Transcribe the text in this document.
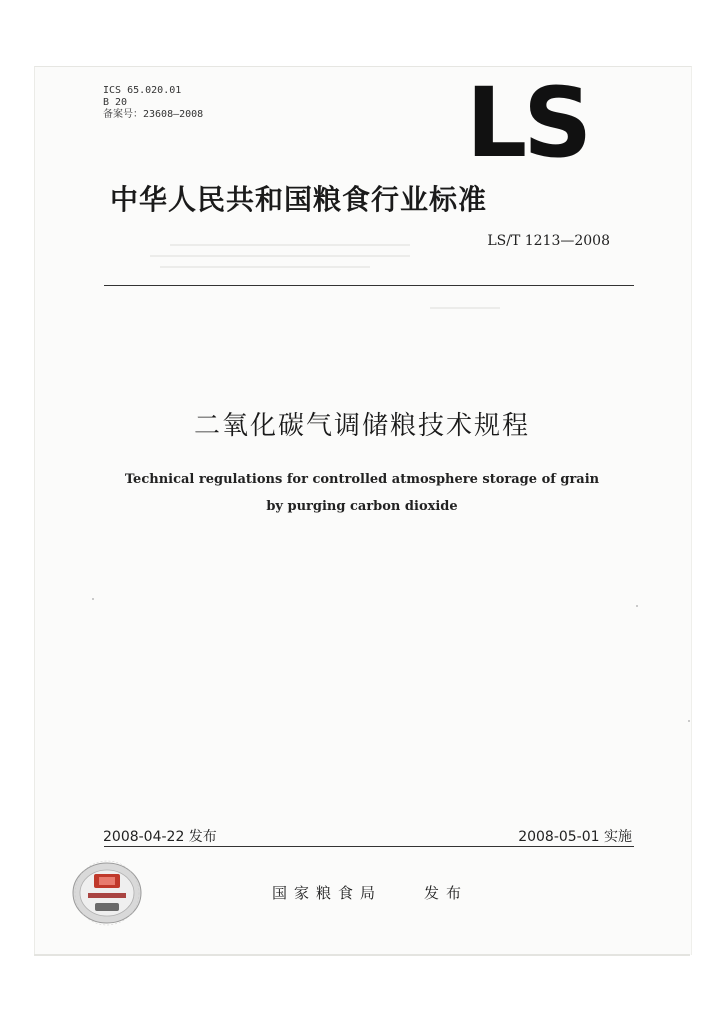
ICS 65.020.01
B 20
备案号：23608—2008	LS
中华人民共和国粮食行业标准
LS/T 1213—2008
二氧化碳气调储粮技术规程
Technical regulations for controlled atmosphere storage of grain
by purging carbon dioxide
2008-04-22 发布	2008-05-01 实施
国家粮食局	发布
